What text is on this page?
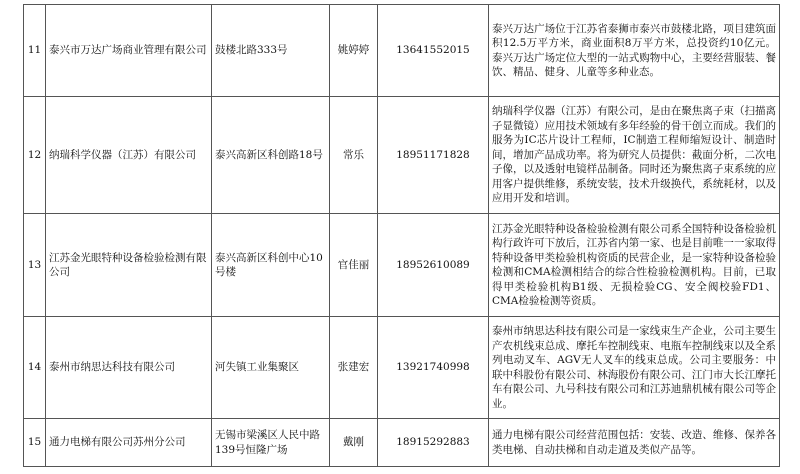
11	泰兴市万达广场商业管理有限公司	鼓楼北路333号	姚婷婷	13641552015	泰兴万达广场位于江苏省泰狮市泰兴市鼓楼北路，项目建筑面积12.5万平方米，商业面积8万平方米，总投资约10亿元。泰兴万达广场定位大型的一站式购物中心，主要经营服装、餐饮、精品、健身、儿童等多种业态。
12	纳瑞科学仪器（江苏）有限公司	泰兴高新区科创路18号	常乐	18951171828	纳瑞科学仪器（江苏）有限公司，是由在聚焦离子束（扫描离子显微镜）应用技术领域有多年经验的骨干创立而成。我们的服务为IC芯片设计工程师，IC制造工程师缩短设计、制造时间，增加产品成功率。将为研究人员提供：截面分析，二次电子像，以及透射电镜样品制备。同时还为聚焦离子束系统的应用客户提供维修，系统安装，技术升级换代，系统耗材，以及应用开发和培训。
13	江苏金光眼特种设备检验检测有限公司	泰兴高新区科创中心10号楼	官佳丽	18952610089	江苏金光眼特种设备检验检测有限公司系全国特种设备检验机构行政许可下放后，江苏省内第一家、也是目前唯一一家取得特种设备甲类检验机构资质的民营企业，是一家特种设备检验检测和CMA检测相结合的综合性检验检测机构。目前，已取得甲类检验机构B1级、无损检验CG、安全阀校验FD1、CMA检验检测等资质。
14	泰州市纳思达科技有限公司	河失镇工业集聚区	张建宏	13921740998	泰州市纳思达科技有限公司是一家线束生产企业，公司主要生产农机线束总成、摩托车控制线束、电瓶车控制线束以及全系列电动叉车、AGV无人叉车的线束总成。公司主要服务：中联中科股份有限公司、林海股份有限公司、江门市大长江摩托车有限公司、九号科技有限公司和江苏迪鼎机械有限公司等企业。
15	通力电梯有限公司苏州分公司	无锡市梁溪区人民中路139号恒隆广场	戴刚	18915292883	通力电梯有限公司经营范围包括：安装、改造、维修、保养各类电梯、自动扶梯和自动走道及类似产品等。
